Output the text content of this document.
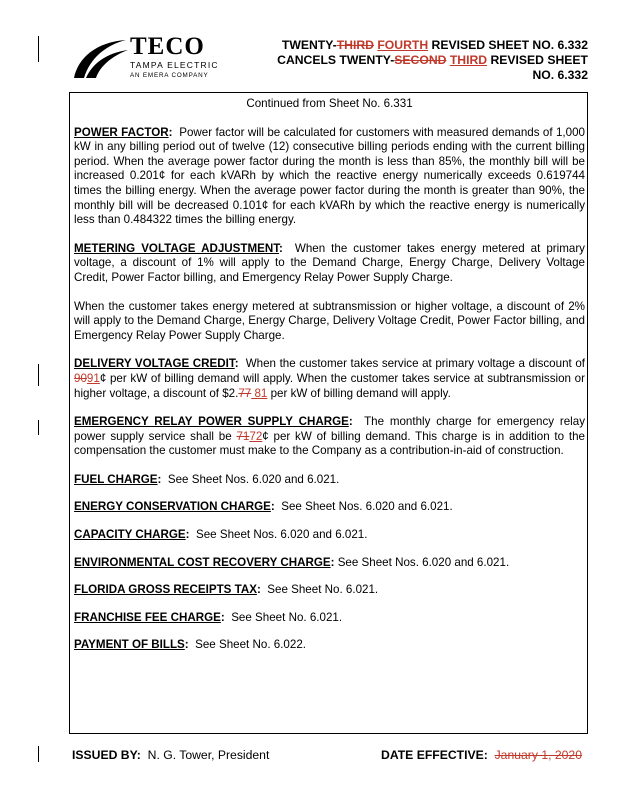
TECO
TAMPA ELECTRIC
AN EMERA COMPANY
TWENTY-THIRD FOURTH REVISED SHEET NO. 6.332
CANCELS TWENTY-SECOND THIRD REVISED SHEET
NO. 6.332
Continued from Sheet No. 6.331
POWER FACTOR: Power factor will be calculated for customers with measured demands of 1,000 kW in any billing period out of twelve (12) consecutive billing periods ending with the current billing period. When the average power factor during the month is less than 85%, the monthly bill will be increased 0.201¢ for each kVARh by which the reactive energy numerically exceeds 0.619744 times the billing energy. When the average power factor during the month is greater than 90%, the monthly bill will be decreased 0.101¢ for each kVARh by which the reactive energy is numerically less than 0.484322 times the billing energy.
METERING VOLTAGE ADJUSTMENT: When the customer takes energy metered at primary voltage, a discount of 1% will apply to the Demand Charge, Energy Charge, Delivery Voltage Credit, Power Factor billing, and Emergency Relay Power Supply Charge.
When the customer takes energy metered at subtransmission or higher voltage, a discount of 2% will apply to the Demand Charge, Energy Charge, Delivery Voltage Credit, Power Factor billing, and Emergency Relay Power Supply Charge.
DELIVERY VOLTAGE CREDIT: When the customer takes service at primary voltage a discount of 9091¢ per kW of billing demand will apply. When the customer takes service at subtransmission or higher voltage, a discount of $2.77 81 per kW of billing demand will apply.
EMERGENCY RELAY POWER SUPPLY CHARGE: The monthly charge for emergency relay power supply service shall be 7172¢ per kW of billing demand. This charge is in addition to the compensation the customer must make to the Company as a contribution-in-aid of construction.
FUEL CHARGE: See Sheet Nos. 6.020 and 6.021.
ENERGY CONSERVATION CHARGE: See Sheet Nos. 6.020 and 6.021.
CAPACITY CHARGE: See Sheet Nos. 6.020 and 6.021.
ENVIRONMENTAL COST RECOVERY CHARGE: See Sheet Nos. 6.020 and 6.021.
FLORIDA GROSS RECEIPTS TAX: See Sheet No. 6.021.
FRANCHISE FEE CHARGE: See Sheet No. 6.021.
PAYMENT OF BILLS: See Sheet No. 6.022.
ISSUED BY: N. G. Tower, President	DATE EFFECTIVE: January 1, 2020
